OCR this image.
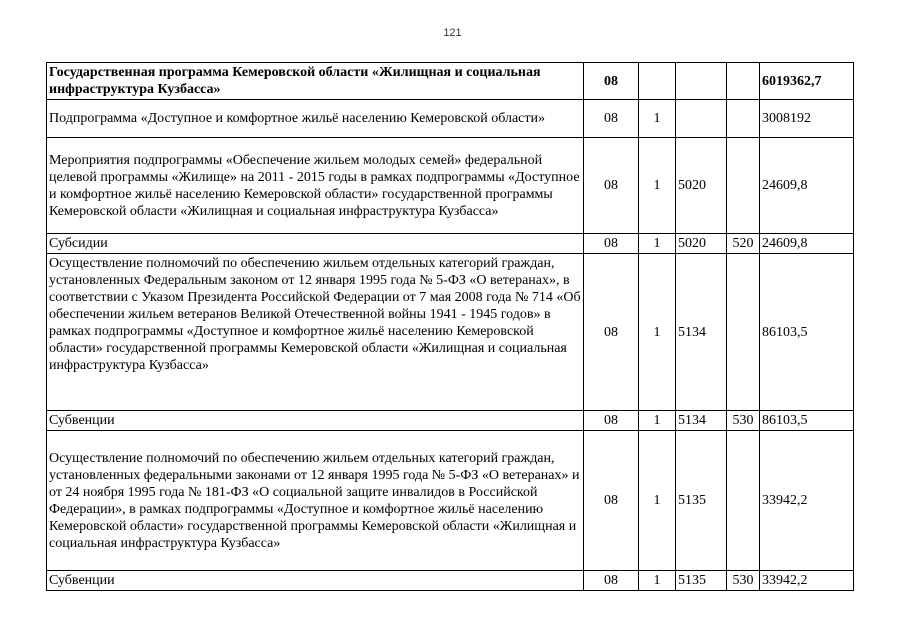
121
Государственная программа Кемеровской области «Жилищная и социальная инфраструктура Кузбасса»	08				6019362,7
Подпрограмма «Доступное и комфортное жильё населению Кемеровской области»	08	1			3008192
Мероприятия подпрограммы «Обеспечение жильем молодых семей» федеральной целевой программы «Жилище» на 2011 - 2015 годы в рамках подпрограммы «Доступное и комфортное жильё населению Кемеровской области» государственной программы Кемеровской области «Жилищная и социальная инфраструктура Кузбасса»	08	1	5020		24609,8
Субсидии	08	1	5020	520	24609,8
Осуществление полномочий по обеспечению жильем отдельных категорий граждан, установленных Федеральным законом от 12 января 1995 года № 5-ФЗ «О ветеранах», в соответствии с Указом Президента Российской Федерации от 7 мая 2008 года № 714 «Об обеспечении жильем ветеранов Великой Отечественной войны 1941 - 1945 годов» в рамках подпрограммы «Доступное и комфортное жильё населению Кемеровской области» государственной программы Кемеровской области «Жилищная и социальная инфраструктура Кузбасса»	08	1	5134		86103,5
Субвенции	08	1	5134	530	86103,5
Осуществление полномочий по обеспечению жильем отдельных категорий граждан, установленных федеральными законами от 12 января 1995 года № 5-ФЗ «О ветеранах» и от 24 ноября 1995 года № 181-ФЗ «О социальной защите инвалидов в Российской Федерации», в рамках подпрограммы «Доступное и комфортное жильё населению Кемеровской области» государственной программы Кемеровской области «Жилищная и социальная инфраструктура Кузбасса»	08	1	5135		33942,2
Субвенции	08	1	5135	530	33942,2
